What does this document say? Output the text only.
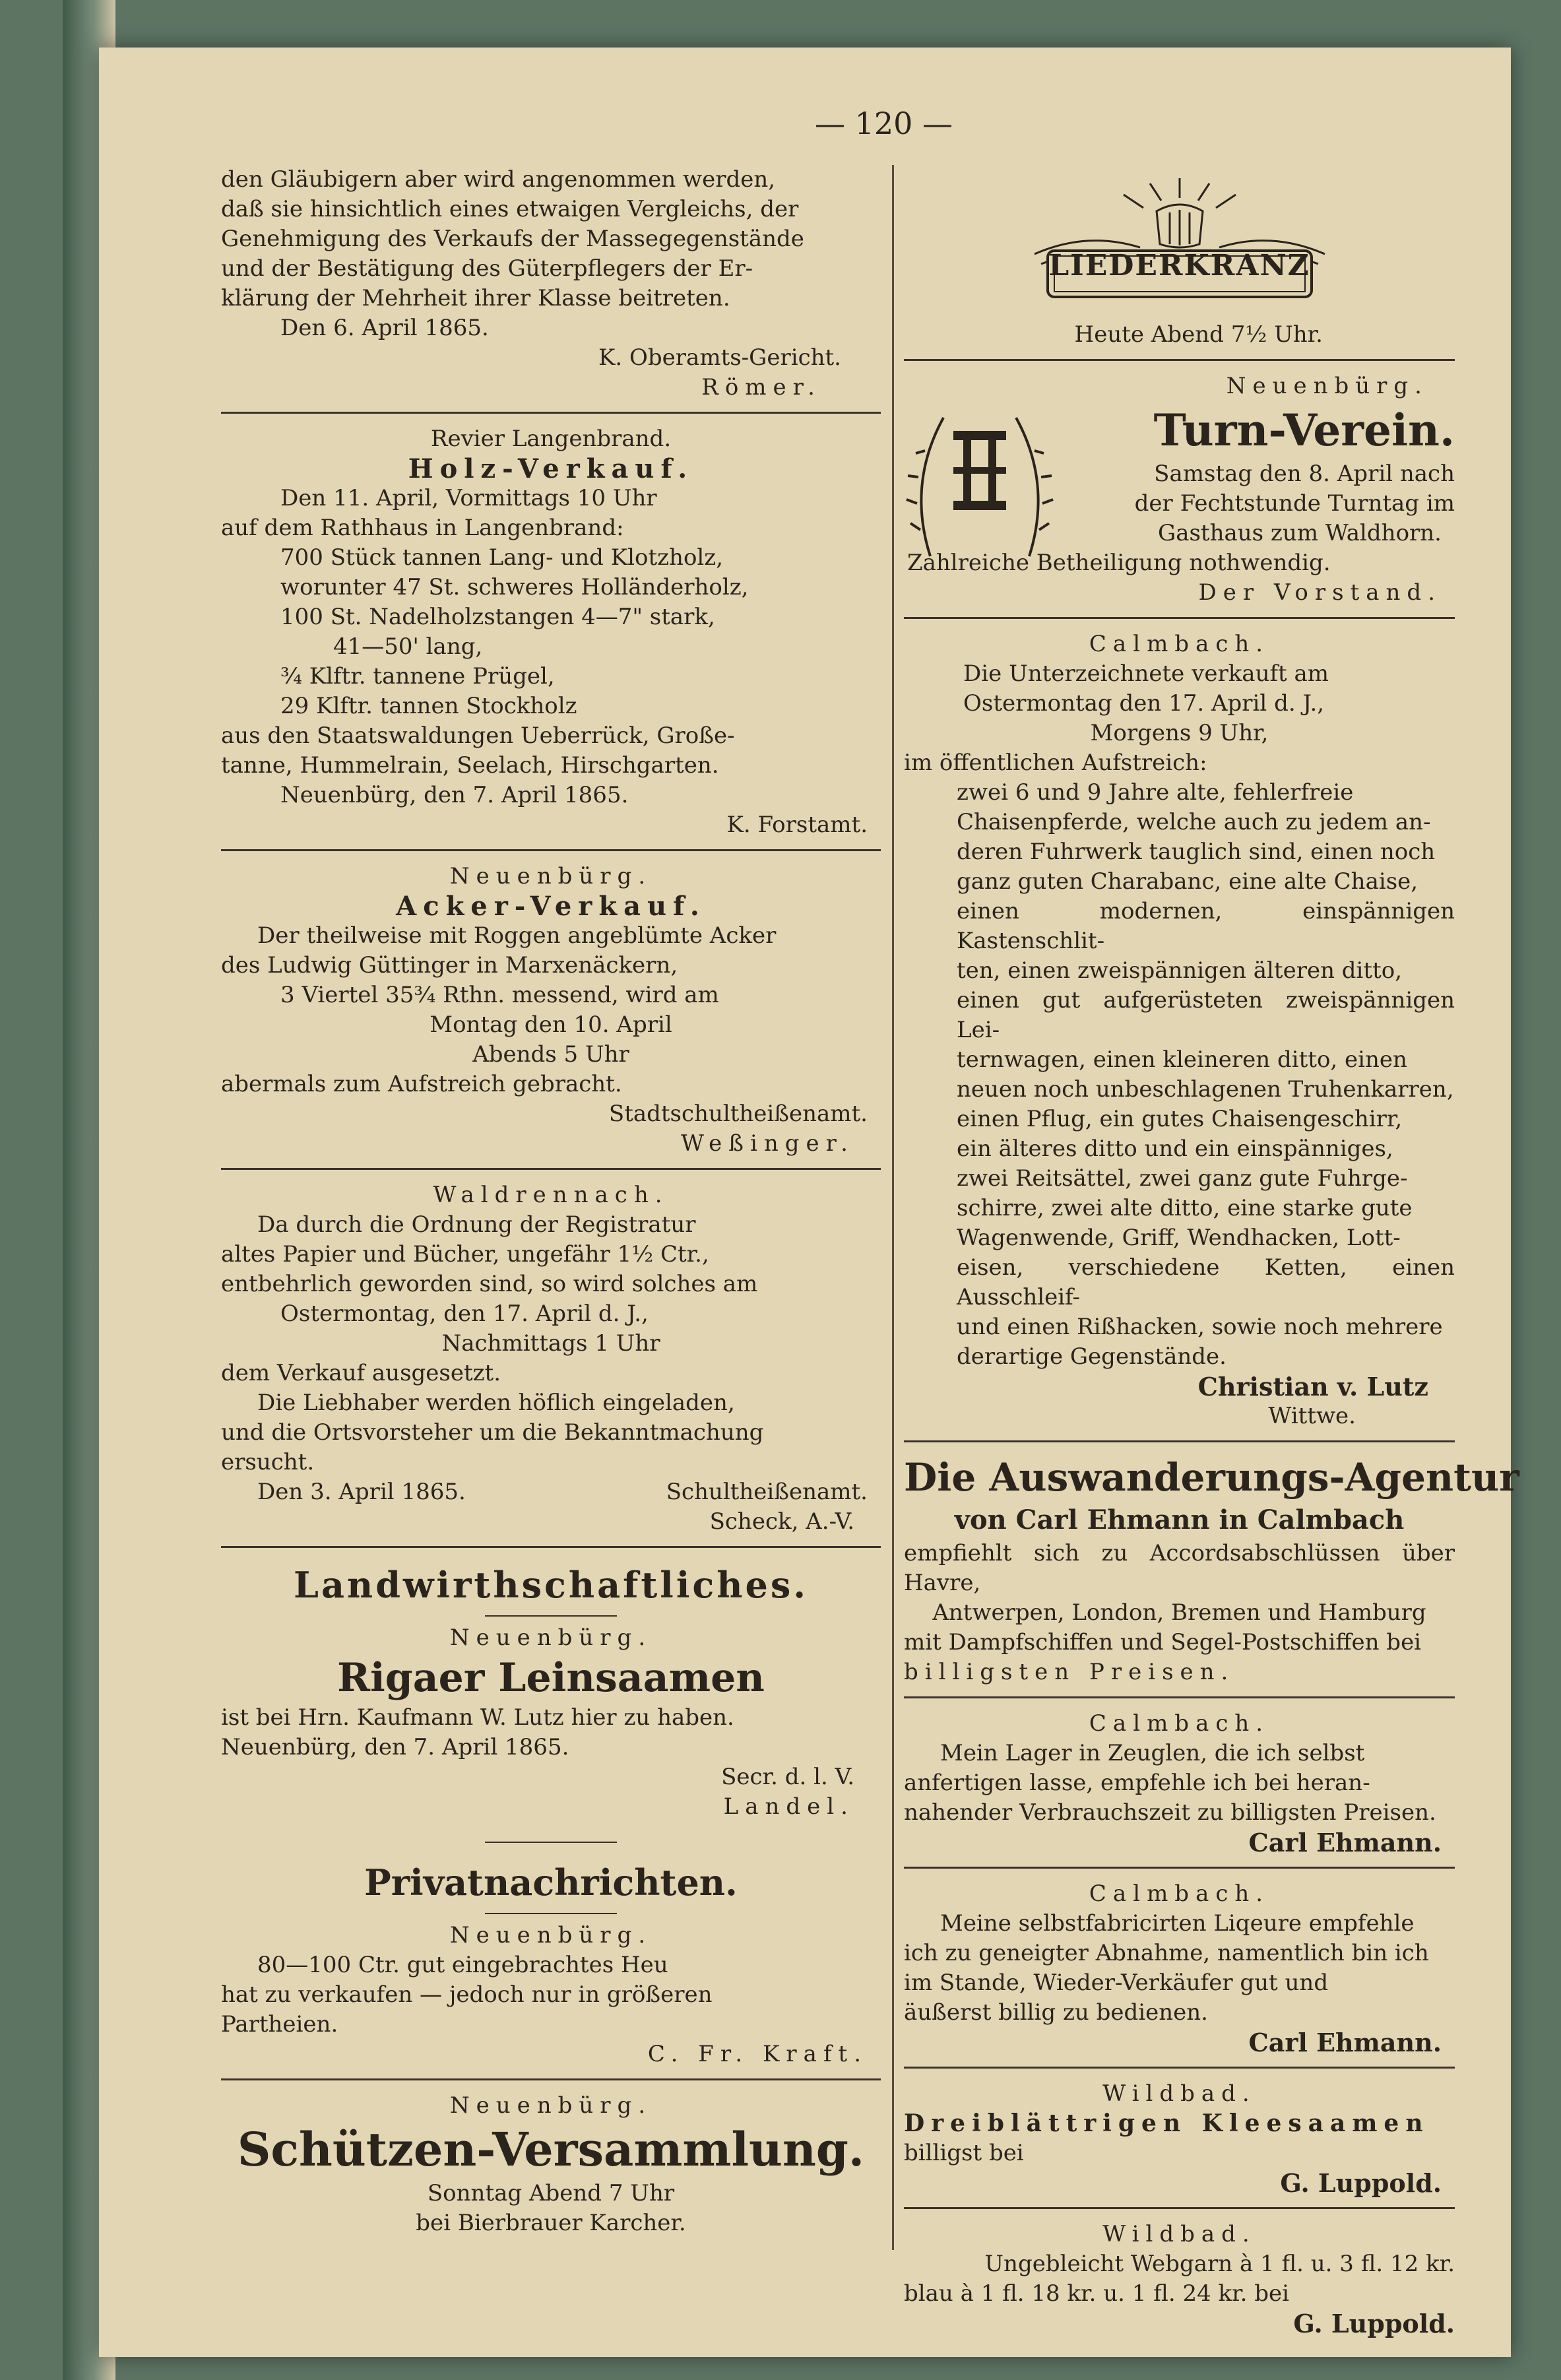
— 120 —

den Gläubigern aber wird angenommen werden,

daß sie hinsichtlich eines etwaigen Vergleichs, der

Genehmigung des Verkaufs der Massegegenstände

und der Bestätigung des Güterpflegers der Er-

klärung der Mehrheit ihrer Klasse beitreten.

Den 6. April 1865.

K. Oberamts-Gericht.

Römer.

Revier Langenbrand.

Holz-Verkauf.

Den 11. April, Vormittags 10 Uhr

auf dem Rathhaus in Langenbrand:

700 Stück tannen Lang- und Klotzholz,

worunter 47 St. schweres Holländerholz,

100 St. Nadelholzstangen 4—7" stark,

41—50' lang,

¾ Klftr. tannene Prügel,

29 Klftr. tannen Stockholz

aus den Staatswaldungen Ueberrück, Großе-

tanne, Hummelrain, Seelach, Hirschgarten.

Neuenbürg, den 7. April 1865.

K. Forstamt.

Neuenbürg.

Acker-Verkauf.

Der theilweise mit Roggen angeblümte Acker

des Ludwig Güttinger in Marxenäckern,

3 Viertel 35¾ Rthn. messend, wird am

Montag den 10. April

Abends 5 Uhr

abermals zum Aufstreich gebracht.

Stadtschultheißenamt.

Weßinger.

Waldrennach.

Da durch die Ordnung der Registratur

altes Papier und Bücher, ungefähr 1½ Ctr.,

entbehrlich geworden sind, so wird solches am

Ostermontag, den 17. April d. J.,

Nachmittags 1 Uhr

dem Verkauf ausgesetzt.

Die Liebhaber werden höflich eingeladen,

und die Ortsvorsteher um die Bekanntmachung

ersucht.

Den 3. April 1865.	Schultheißenamt.

Scheck, A.-V.

Landwirthschaftliches.

Neuenbürg.

Rigaer Leinsaamen

ist bei Hrn. Kaufmann W. Lutz hier zu haben.

Neuenbürg, den 7. April 1865.

Secr. d. l. V.

Landel.

Privatnachrichten.

Neuenbürg.

80—100 Ctr. gut eingebrachtes Heu

hat zu verkaufen — jedoch nur in größeren

Partheien.

C. Fr. Kraft.

Neuenbürg.

Schützen-Versammlung.

Sonntag Abend 7 Uhr

bei Bierbrauer Karcher.

LIEDERKRANZ

Heute Abend 7½ Uhr.

Neuenbürg.

Turn-Verein.

Samstag den 8. April nach

der Fechtstunde Turntag im

Gasthaus zum Waldhorn.

Zahlreiche Betheiligung nothwendig.

Der Vorstand.

Calmbach.

Die Unterzeichnete verkauft am

Ostermontag den 17. April d. J.,

Morgens 9 Uhr,

im öffentlichen Aufstreich:

zwei 6 und 9 Jahre alte, fehlerfreie

Chaisenpferde, welche auch zu jedem an-

deren Fuhrwerk tauglich sind, einen noch

ganz guten Charabanc, eine alte Chaise,

einen modernen, einspännigen Kastenschlit-

ten, einen zweispännigen älteren ditto,

einen gut aufgerüsteten zweispännigen Lei-

ternwagen, einen kleineren ditto, einen

neuen noch unbeschlagenen Truhenkarren,

einen Pflug, ein gutes Chaisengeschirr,

ein älteres ditto und ein einspänniges,

zwei Reitsättel, zwei ganz gute Fuhrge-

schirre, zwei alte ditto, eine starke gute

Wagenwende, Griff, Wendhacken, Lott-

eisen, verschiedene Ketten, einen Ausschleif-

und einen Rißhacken, sowie noch mehrere

derartige Gegenstände.

Christian v. Lutz

Wittwe.

Die Auswanderungs-Agentur

von Carl Ehmann in Calmbach

empfiehlt sich zu Accordsabschlüssen über Havre,

Antwerpen, London, Bremen und Hamburg

mit Dampfschiffen und Segel-Postschiffen bei

billigsten Preisen.

Calmbach.

Mein Lager in Zeuglen, die ich selbst

anfertigen lasse, empfehle ich bei heran-

nahender Verbrauchszeit zu billigsten Preisen.

Carl Ehmann.

Calmbach.

Meine selbstfabricirten Liqeure empfehle

ich zu geneigter Abnahme, namentlich bin ich

im Stande, Wieder-Verkäufer gut und

äußerst billig zu bedienen.

Carl Ehmann.

Wildbad.

Dreiblättrigen Kleesaamen

billigst bei

G. Luppold.

Wildbad.

Ungebleicht Webgarn à 1 fl. u. 3 fl. 12 kr.

blau à 1 fl. 18 kr. u. 1 fl. 24 kr. bei

G. Luppold.
